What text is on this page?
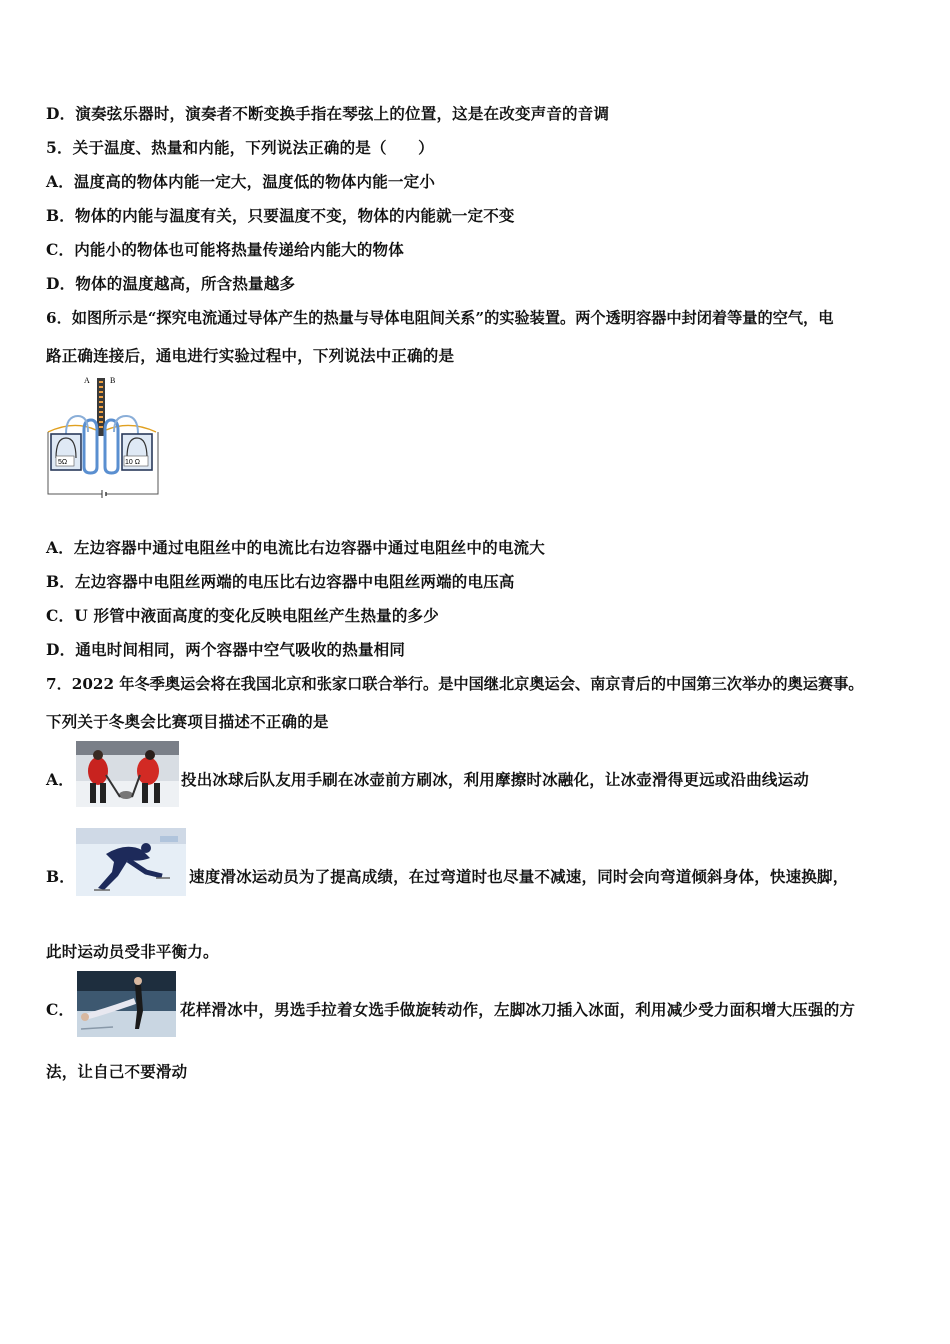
D．演奏弦乐器时，演奏者不断变换手指在琴弦上的位置，这是在改变声音的音调
5．关于温度、热量和内能，下列说法正确的是（　　）
A．温度高的物体内能一定大，温度低的物体内能一定小
B．物体的内能与温度有关，只要温度不变，物体的内能就一定不变
C．内能小的物体也可能将热量传递给内能大的物体
D．物体的温度越高，所含热量越多
6．如图所示是“探究电流通过导体产生的热量与导体电阻间关系”的实验装置。两个透明容器中封闭着等量的空气，电
路正确连接后，通电进行实验过程中，下列说法中正确的是
A	B
5Ω	10 Ω
A．左边容器中通过电阻丝中的电流比右边容器中通过电阻丝中的电流大
B．左边容器中电阻丝两端的电压比右边容器中电阻丝两端的电压高
C．U 形管中液面高度的变化反映电阻丝产生热量的多少
D．通电时间相同，两个容器中空气吸收的热量相同
7．2022 年冬季奥运会将在我国北京和张家口联合举行。是中国继北京奥运会、南京青后的中国第三次举办的奥运赛事。
下列关于冬奥会比赛项目描述不正确的是
A．	投出冰球后队友用手刷在冰壶前方刷冰，利用摩擦时冰融化，让冰壶滑得更远或沿曲线运动
B．	速度滑冰运动员为了提高成绩，在过弯道时也尽量不减速，同时会向弯道倾斜身体，快速换脚，
此时运动员受非平衡力。
C．	花样滑冰中，男选手拉着女选手做旋转动作，左脚冰刀插入冰面，利用减少受力面积增大压强的方
法，让自己不要滑动
